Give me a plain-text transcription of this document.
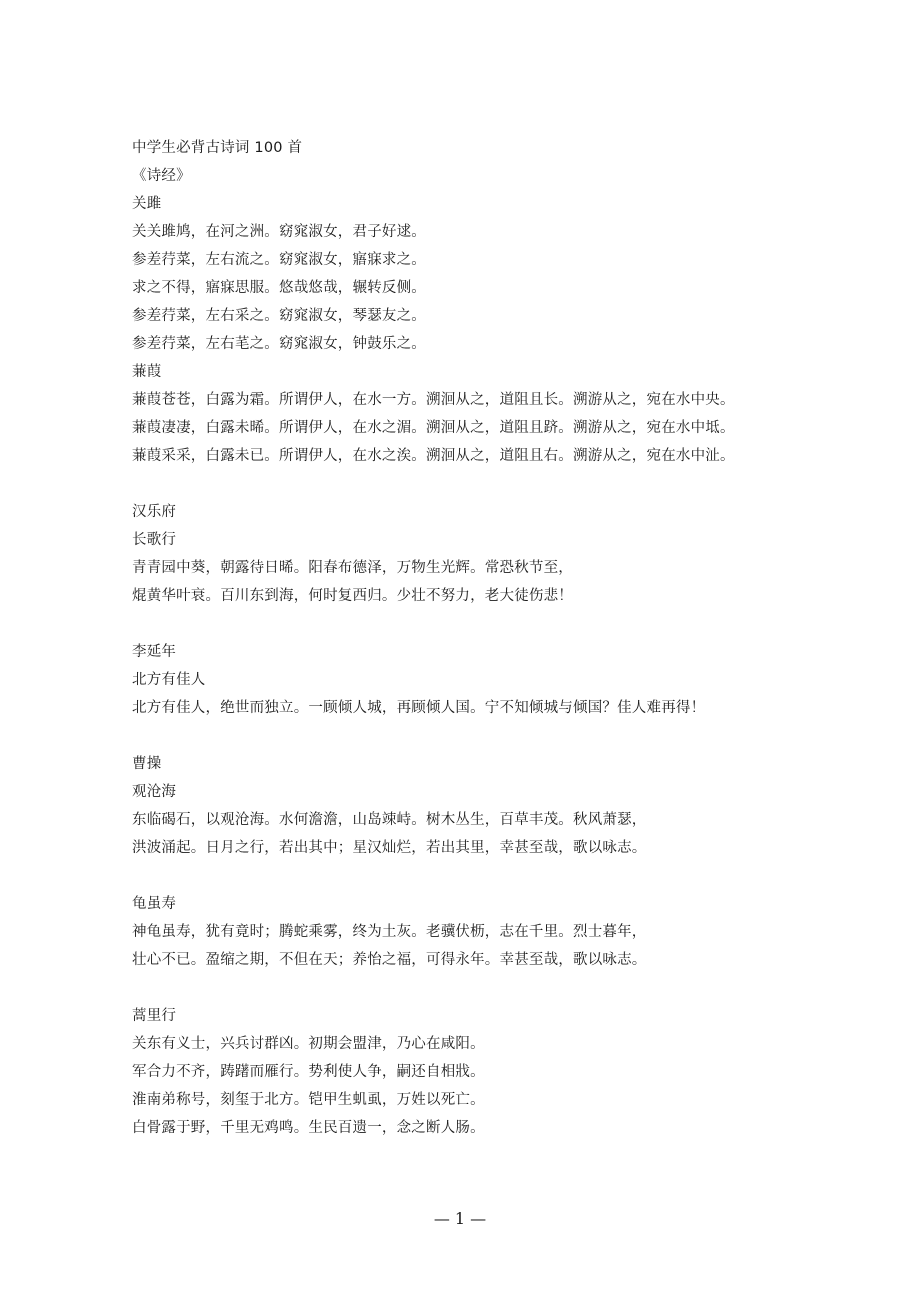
中学生必背古诗词 100 首
《诗经》
关雎
关关雎鸠，在河之洲。窈窕淑女，君子好逑。
参差荇菜，左右流之。窈窕淑女，寤寐求之。
求之不得，寤寐思服。悠哉悠哉，辗转反侧。
参差荇菜，左右采之。窈窕淑女，琴瑟友之。
参差荇菜，左右芼之。窈窕淑女，钟鼓乐之。
蒹葭
蒹葭苍苍，白露为霜。所谓伊人，在水一方。溯洄从之，道阻且长。溯游从之，宛在水中央。
蒹葭凄凄，白露未晞。所谓伊人，在水之湄。溯洄从之，道阻且跻。溯游从之，宛在水中坻。
蒹葭采采，白露未已。所谓伊人，在水之涘。溯洄从之，道阻且右。溯游从之，宛在水中沚。
汉乐府
长歌行
青青园中葵，朝露待日晞。阳春布德泽，万物生光辉。常恐秋节至，
焜黄华叶衰。百川东到海，何时复西归。少壮不努力，老大徒伤悲！
李延年
北方有佳人
北方有佳人，绝世而独立。一顾倾人城，再顾倾人国。宁不知倾城与倾国？佳人难再得！
曹操
观沧海
东临碣石，以观沧海。水何澹澹，山岛竦峙。树木丛生，百草丰茂。秋风萧瑟，
洪波涌起。日月之行，若出其中；星汉灿烂，若出其里，幸甚至哉，歌以咏志。
龟虽寿
神龟虽寿，犹有竟时；腾蛇乘雾，终为土灰。老骥伏枥，志在千里。烈士暮年，
壮心不已。盈缩之期，不但在天；养怡之福，可得永年。幸甚至哉，歌以咏志。
蒿里行
关东有义士，兴兵讨群凶。初期会盟津，乃心在咸阳。
军合力不齐，踌躇而雁行。势利使人争，嗣还自相戕。
淮南弟称号，刻玺于北方。铠甲生虮虱，万姓以死亡。
白骨露于野，千里无鸡鸣。生民百遗一，念之断人肠。
— 1 —
